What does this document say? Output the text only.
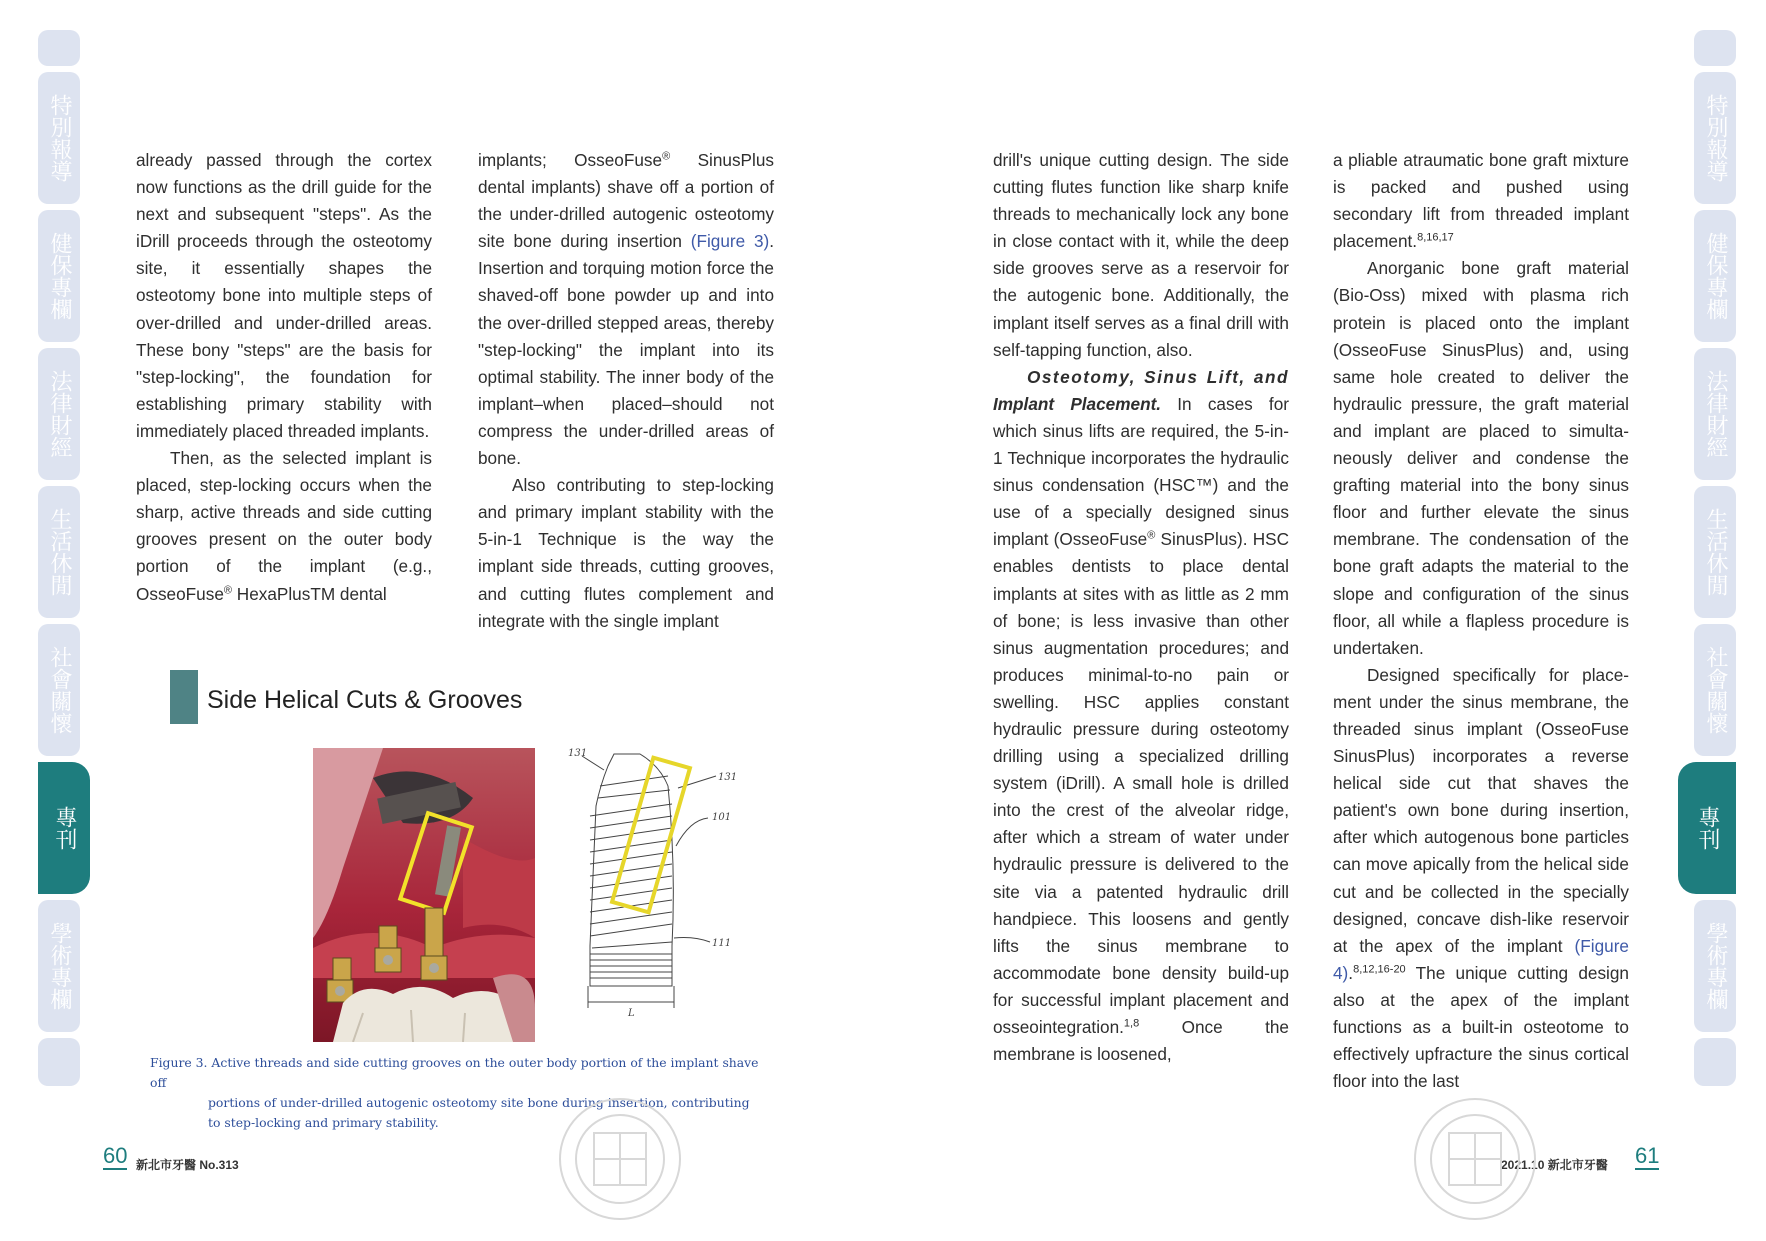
特別報導
健保專欄
法律財經
生活休閒
社會關懷
專刊
學術專欄

already passed through the cortex now functions as the drill guide for the next and subsequent "steps". As the iDrill proceeds through the osteotomy site, it essentially shapes the osteotomy bone into multiple steps of over-drilled and under-drilled areas. These bony "steps" are the basis for "step-locking", the foundation for establishing primary stability with immediately placed threaded implants.

Then, as the selected implant is placed, step-locking occurs when the sharp, active threads and side cutting grooves present on the outer body portion of the implant (e.g., OsseoFuse® HexaPlusTM dental

implants; OsseoFuse® SinusPlus dental implants) shave off a portion of the under-drilled autogenic osteotomy site bone during insertion (Figure 3). Insertion and torquing motion force the shaved-off bone powder up and into the over-drilled stepped areas, thereby "step-locking" the implant into its optimal stability. The inner body of the implant–when placed–should not compress the under-drilled areas of bone.

Also contributing to step-locking and primary implant stability with the 5-in-1 Technique is the way the implant side threads, cutting grooves, and cutting flutes complement and integrate with the single implant

Side Helical Cuts & Grooves
131
131
101
111
L
Figure 3. Active threads and side cutting grooves on the outer body portion of the implant shave off
portions of under-drilled autogenic osteotomy site bone during insertion, contributing to step-locking and primary stability.
60 新北市牙醫 No.313

drill's unique cutting design. The side cutting flutes function like sharp knife threads to mechanically lock any bone in close contact with it, while the deep side grooves serve as a reservoir for the autogenic bone. Additionally, the implant itself serves as a final drill with self-tapping function, also.

Osteotomy, Sinus Lift, and Implant Placement. In cases for which sinus lifts are required, the 5-in-1 Technique incorporates the hydraulic sinus condensation (HSC™) and the use of a specially designed sinus implant (OsseoFuse® SinusPlus). HSC enables dentists to place dental implants at sites with as little as 2 mm of bone; is less invasive than other sinus augmentation procedures; and produces minimal-to-no pain or swelling. HSC applies constant hydraulic pressure during osteotomy drilling using a specialized drilling system (iDrill). A small hole is drilled into the crest of the alveolar ridge, after which a stream of water under hydraulic pressure is delivered to the site via a patented hydraulic drill handpiece. This loosens and gently lifts the sinus membrane to accommodate bone density build-up for successful implant placement and osseointegration.$^{1,8}$ Once the membrane is loosened,

a pliable atraumatic bone graft mixture is packed and pushed using secondary lift from threaded implant placement.$^{8,16,17}$

Anorganic bone graft material (Bio-Oss) mixed with plasma rich protein is placed onto the implant (OsseoFuse SinusPlus) and, using same hole created to deliver the hydraulic pressure, the graft material and implant are placed to simulta-neously deliver and condense the grafting material into the bony sinus floor and further elevate the sinus membrane. The condensation of the bone graft adapts the material to the slope and configuration of the sinus floor, all while a flapless procedure is undertaken.

Designed specifically for place-ment under the sinus membrane, the threaded sinus implant (OsseoFuse SinusPlus) incorporates a reverse helical side cut that shaves the patient's own bone during insertion, after which autogenous bone particles can move apically from the helical side cut and be collected in the specially designed, concave dish-like reservoir at the apex of the implant (Figure 4).$^{8,12,16-20}$ The unique cutting design also at the apex of the implant functions as a built-in osteotome to effectively upfracture the sinus cortical floor into the last

2021.10 新北市牙醫 61
特別報導
健保專欄
法律財經
生活休閒
社會關懷
專刊
學術專欄
